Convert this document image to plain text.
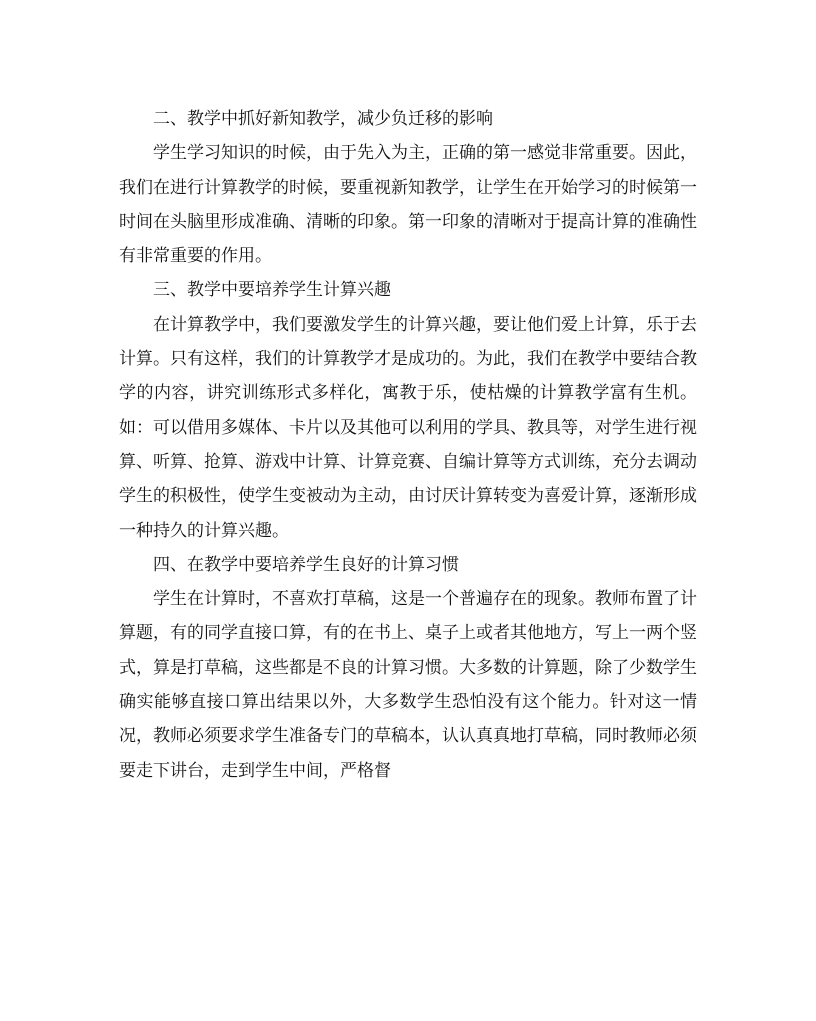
二、教学中抓好新知教学，减少负迁移的影响

学生学习知识的时候，由于先入为主，正确的第一感觉非常重要。因此，我们在进行计算教学的时候，要重视新知教学，让学生在开始学习的时候第一时间在头脑里形成准确、清晰的印象。第一印象的清晰对于提高计算的准确性有非常重要的作用。

三、教学中要培养学生计算兴趣

在计算教学中，我们要激发学生的计算兴趣，要让他们爱上计算，乐于去计算。只有这样，我们的计算教学才是成功的。为此，我们在教学中要结合教学的内容，讲究训练形式多样化，寓教于乐，使枯燥的计算教学富有生机。如：可以借用多媒体、卡片以及其他可以利用的学具、教具等，对学生进行视算、听算、抢算、游戏中计算、计算竞赛、自编计算等方式训练，充分去调动学生的积极性，使学生变被动为主动，由讨厌计算转变为喜爱计算，逐渐形成一种持久的计算兴趣。

四、在教学中要培养学生良好的计算习惯

学生在计算时，不喜欢打草稿，这是一个普遍存在的现象。教师布置了计算题，有的同学直接口算，有的在书上、桌子上或者其他地方，写上一两个竖式，算是打草稿，这些都是不良的计算习惯。大多数的计算题，除了少数学生确实能够直接口算出结果以外，大多数学生恐怕没有这个能力。针对这一情况，教师必须要求学生准备专门的草稿本，认认真真地打草稿，同时教师必须要走下讲台，走到学生中间，严格督
